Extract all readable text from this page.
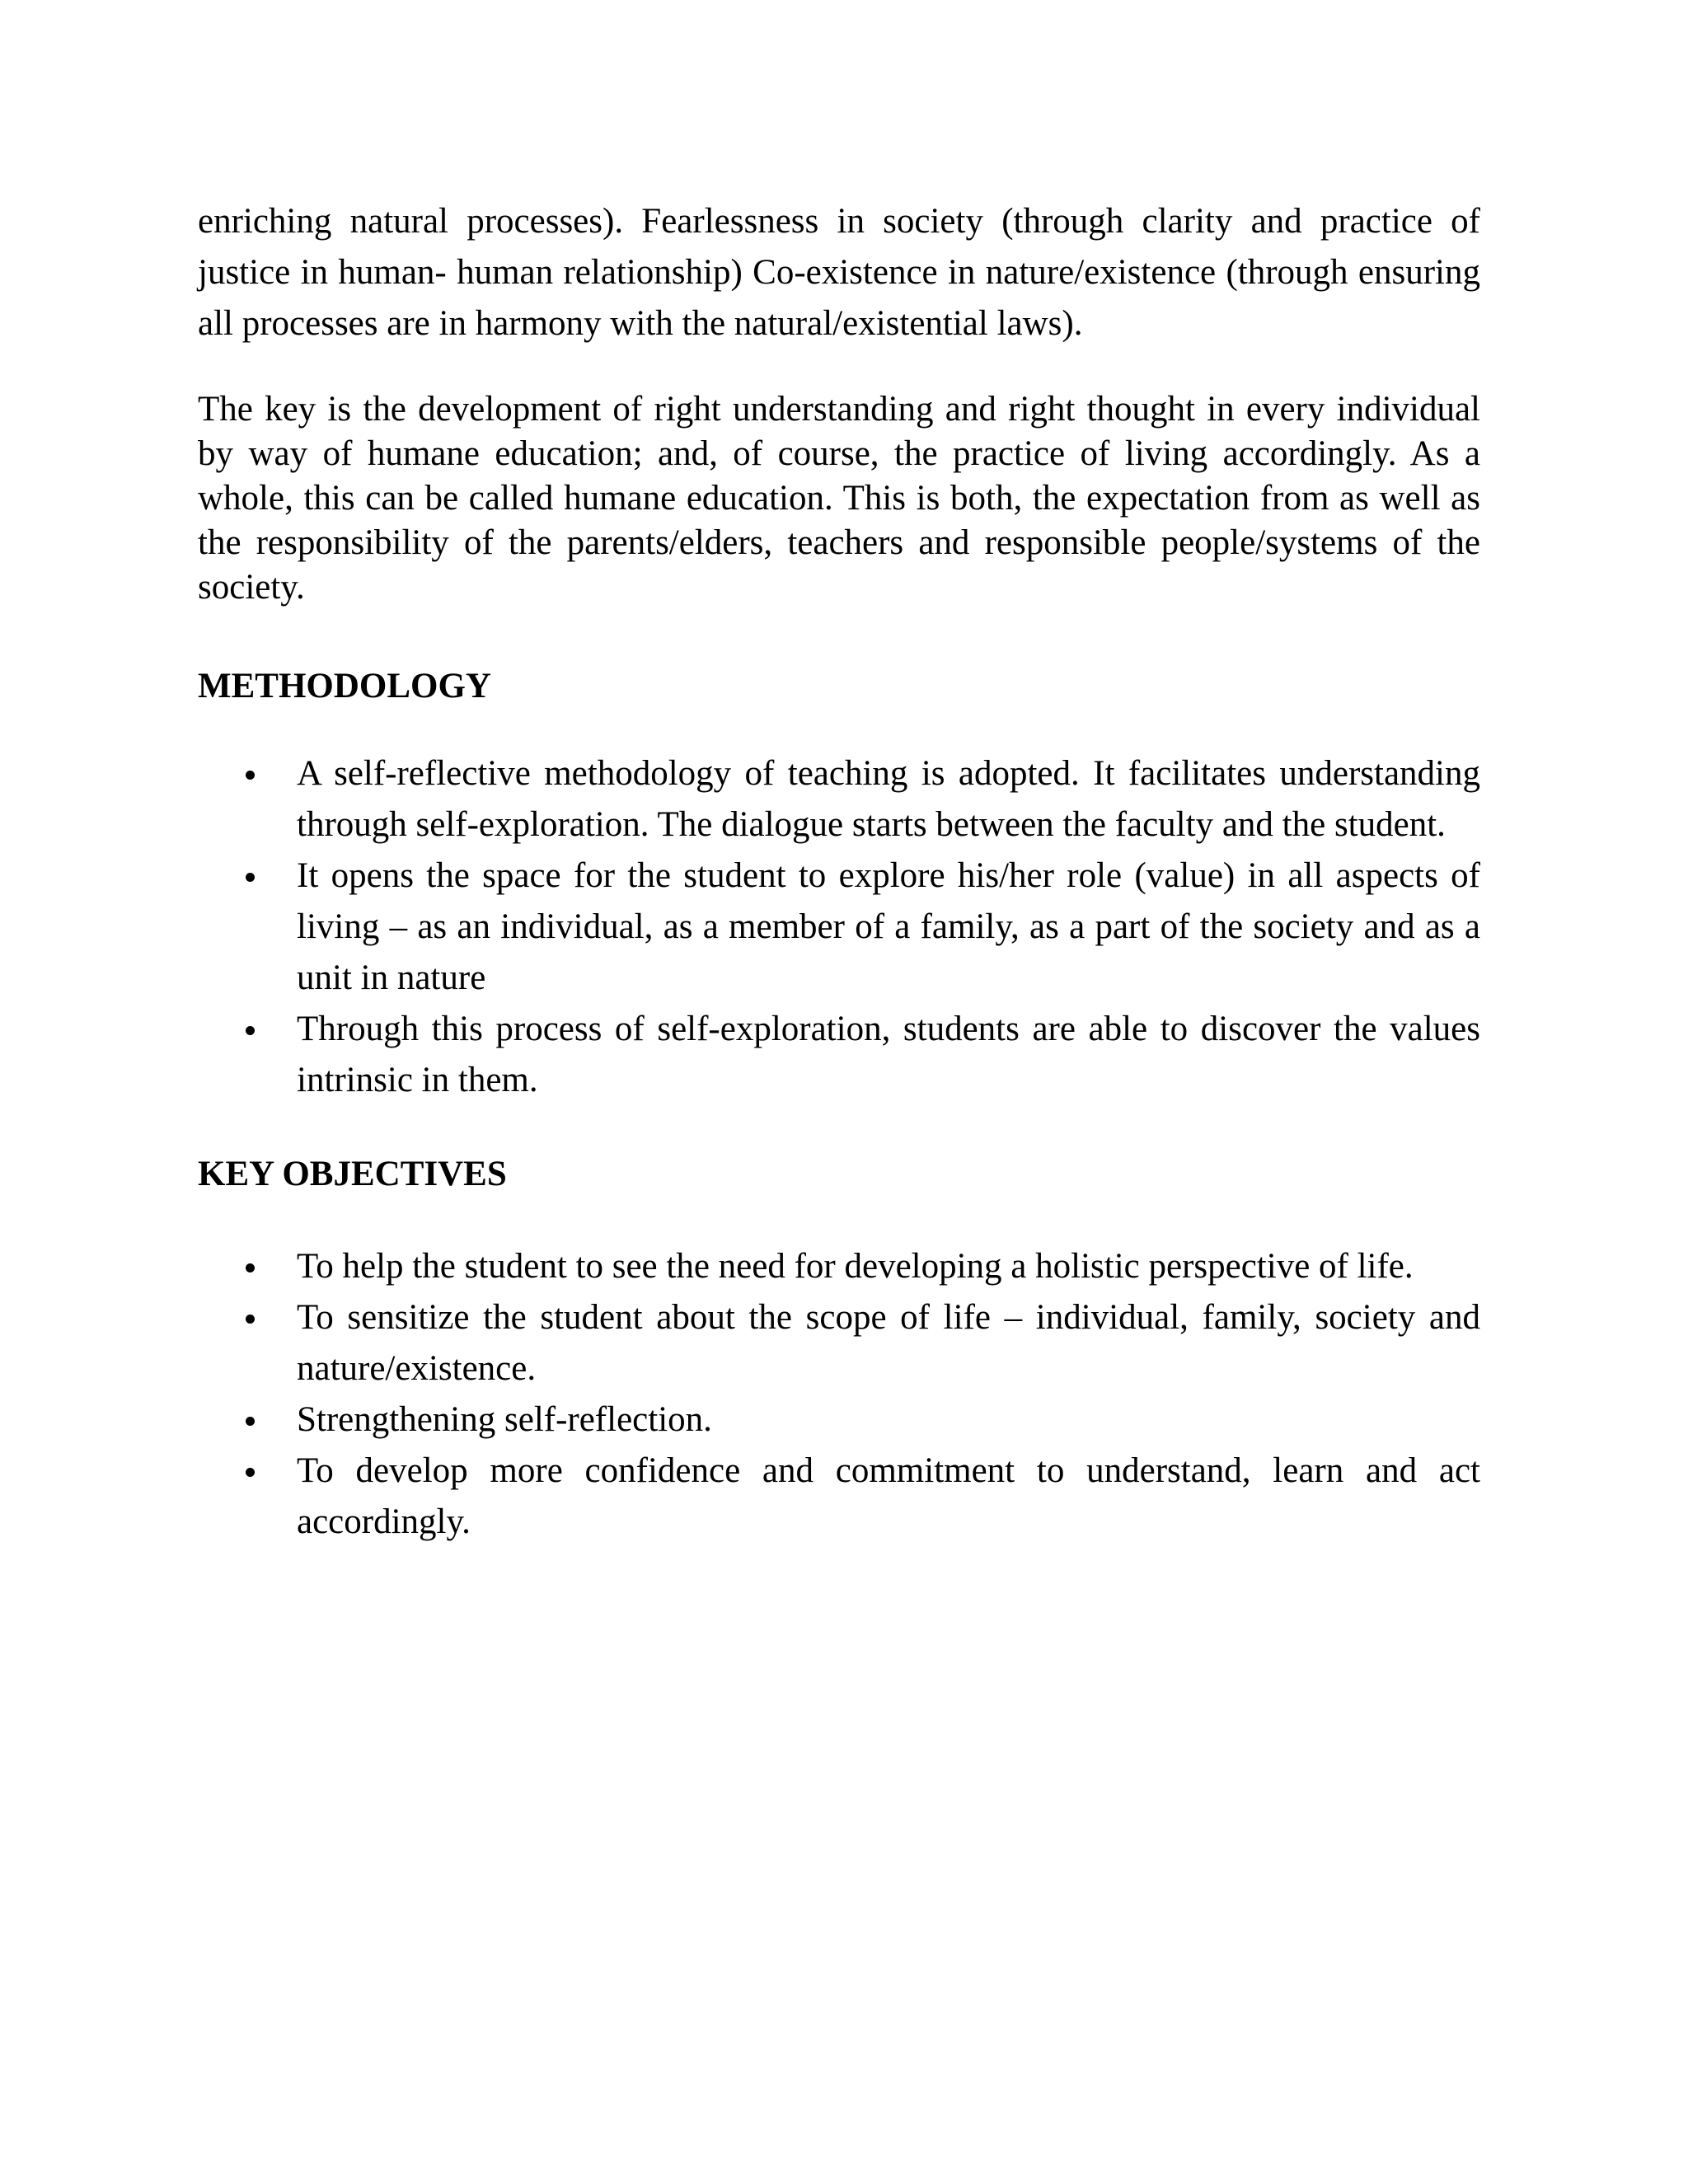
enriching natural processes). Fearlessness in society (through clarity and practice of justice in human- human relationship) Co-existence in nature/existence (through ensuring all processes are in harmony with the natural/existential laws).

The key is the development of right understanding and right thought in every individual by way of humane education; and, of course, the practice of living accordingly. As a whole, this can be called humane education. This is both, the expectation from as well as the responsibility of the parents/elders, teachers and responsible people/systems of the society.

METHODOLOGY
A self-reflective methodology of teaching is adopted. It facilitates understanding through self-exploration. The dialogue starts between the faculty and the student.
It opens the space for the student to explore his/her role (value) in all aspects of living – as an individual, as a member of a family, as a part of the society and as a unit in nature
Through this process of self-exploration, students are able to discover the values intrinsic in them.
KEY OBJECTIVES
To help the student to see the need for developing a holistic perspective of life.
To sensitize the student about the scope of life – individual, family, society and nature/existence.
Strengthening self-reflection.
To develop more confidence and commitment to understand, learn and act accordingly.
